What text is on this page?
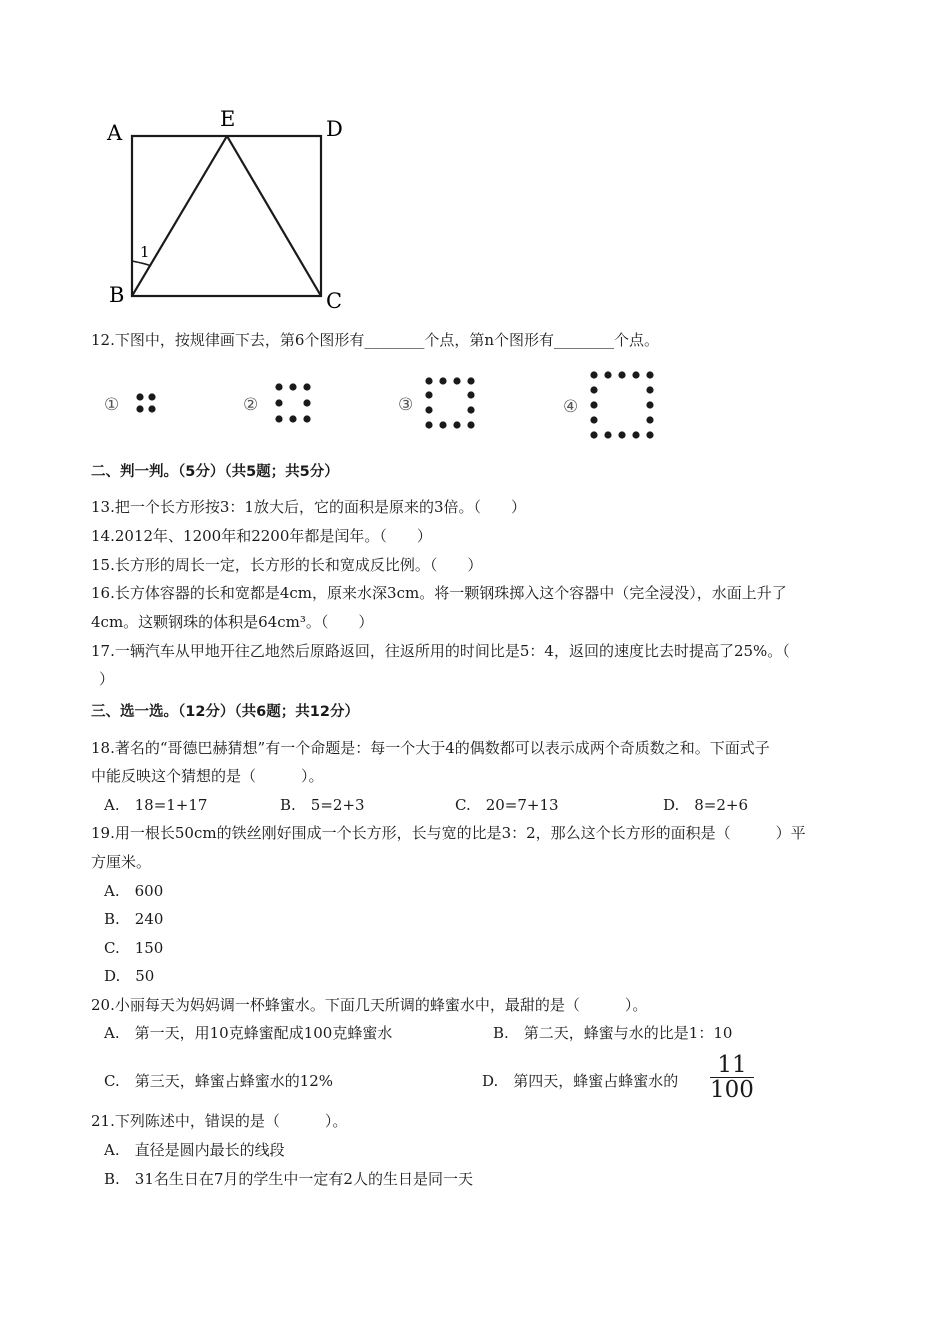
A
E	D
B	C
1
12.下图中，按规律画下去，第6个图形有________个点，第n个图形有________个点。
①	②	③	④
二、判一判。（5分）（共5题；共5分）
13.把一个长方形按3：1放大后，它的面积是原来的3倍。（　　）
14.2012年、1200年和2200年都是闰年。（　　）
15.长方形的周长一定，长方形的长和宽成反比例。（　　）
16.长方体容器的长和宽都是4cm，原来水深3cm。将一颗钢珠掷入这个容器中（完全浸没），水面上升了
4cm。这颗钢珠的体积是64cm³。（　　）
17.一辆汽车从甲地开往乙地然后原路返回，往返所用的时间比是5：4，返回的速度比去时提高了25%。（
）
三、选一选。（12分）（共6题；共12分）
18.著名的“哥德巴赫猜想”有一个命题是：每一个大于4的偶数都可以表示成两个奇质数之和。下面式子
中能反映这个猜想的是（　　　）。
A.　18=1+17	B.　5=2+3	C.　20=7+13	D.　8=2+6
19.用一根长50cm的铁丝刚好围成一个长方形，长与宽的比是3：2，那么这个长方形的面积是（　　　）平
方厘米。
A.　600
B.　240
C.　150
D.　50
20.小丽每天为妈妈调一杯蜂蜜水。下面几天所调的蜂蜜水中，最甜的是（　　　）。
A.　第一天，用10克蜂蜜配成100克蜂蜜水	B.　第二天，蜂蜜与水的比是1：10
C.　第三天，蜂蜜占蜂蜜水的12%	D.　第四天，蜂蜜占蜂蜜水的 $\frac{11}{100}$
21.下列陈述中，错误的是（　　　）。
A.　直径是圆内最长的线段
B.　31名生日在7月的学生中一定有2人的生日是同一天
